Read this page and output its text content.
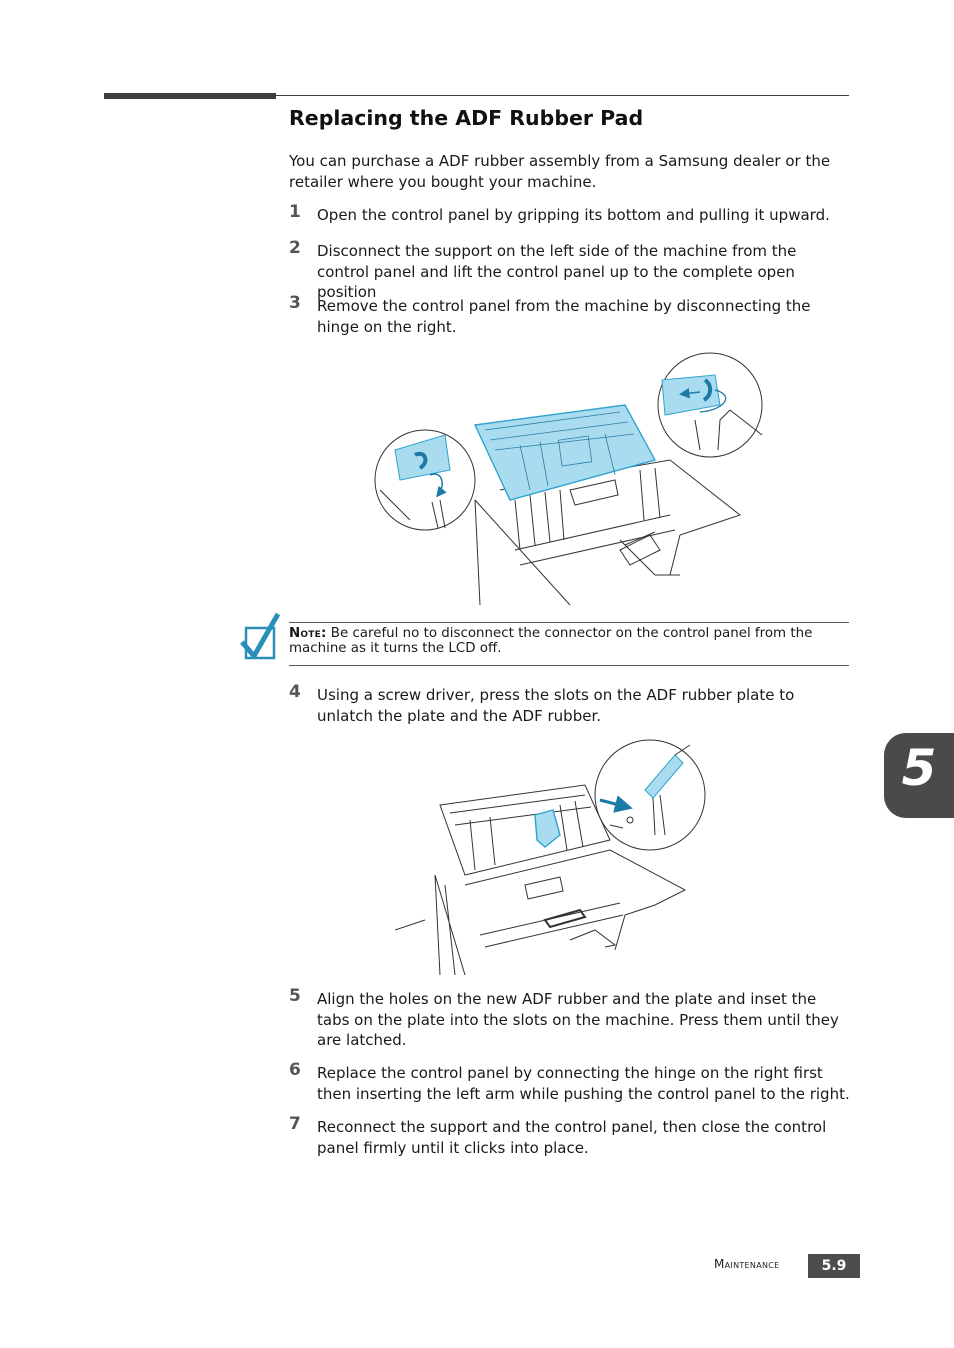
Replacing the ADF Rubber Pad

You can purchase a ADF rubber assembly from a Samsung dealer or the retailer where you bought your machine.

1 Open the control panel by gripping its bottom and pulling it upward.
2 Disconnect the support on the left side of the machine from the control panel and lift the control panel up to the complete open position
3 Remove the control panel from the machine by disconnecting the hinge on the right.
Note: Be careful no to disconnect the connector on the control panel from the machine as it turns the LCD off.
4 Using a screw driver, press the slots on the ADF rubber plate to unlatch the plate and the ADF rubber.
5 Align the holes on the new ADF rubber and the plate and inset the tabs on the plate into the slots on the machine. Press them until they are latched.
6 Replace the control panel by connecting the hinge on the right first then inserting the left arm while pushing the control panel to the right.
7 Reconnect the support and the control panel, then close the control panel firmly until it clicks into place.
5
Maintenance	5.9
